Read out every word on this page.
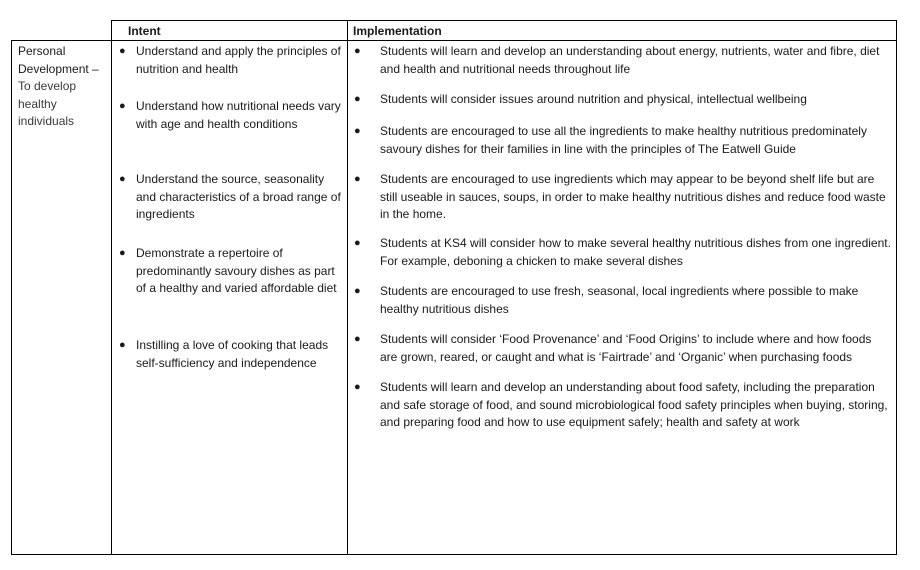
Intent	Implementation
Personal Development –
To develop healthy individuals
● Understand and apply the principles of nutrition and health
● Understand how nutritional needs vary with age and health conditions
● Understand the source, seasonality and characteristics of a broad range of ingredients
● Demonstrate a repertoire of predominantly savoury dishes as part of a healthy and varied affordable diet
● Instilling a love of cooking that leads self-sufficiency and independence
● Students will learn and develop an understanding about energy, nutrients, water and fibre, diet and health and nutritional needs throughout life
● Students will consider issues around nutrition and physical, intellectual wellbeing
● Students are encouraged to use all the ingredients to make healthy nutritious predominately savoury dishes for their families in line with the principles of The Eatwell Guide
● Students are encouraged to use ingredients which may appear to be beyond shelf life but are still useable in sauces, soups, in order to make healthy nutritious dishes and reduce food waste in the home.
● Students at KS4 will consider how to make several healthy nutritious dishes from one ingredient. For example, deboning a chicken to make several dishes
● Students are encouraged to use fresh, seasonal, local ingredients where possible to make healthy nutritious dishes
● Students will consider ‘Food Provenance’ and ‘Food Origins’ to include where and how foods are grown, reared, or caught and what is ‘Fairtrade’ and ‘Organic’ when purchasing foods
● Students will learn and develop an understanding about food safety, including the preparation and safe storage of food, and sound microbiological food safety principles when buying, storing, and preparing food and how to use equipment safely; health and safety at work
